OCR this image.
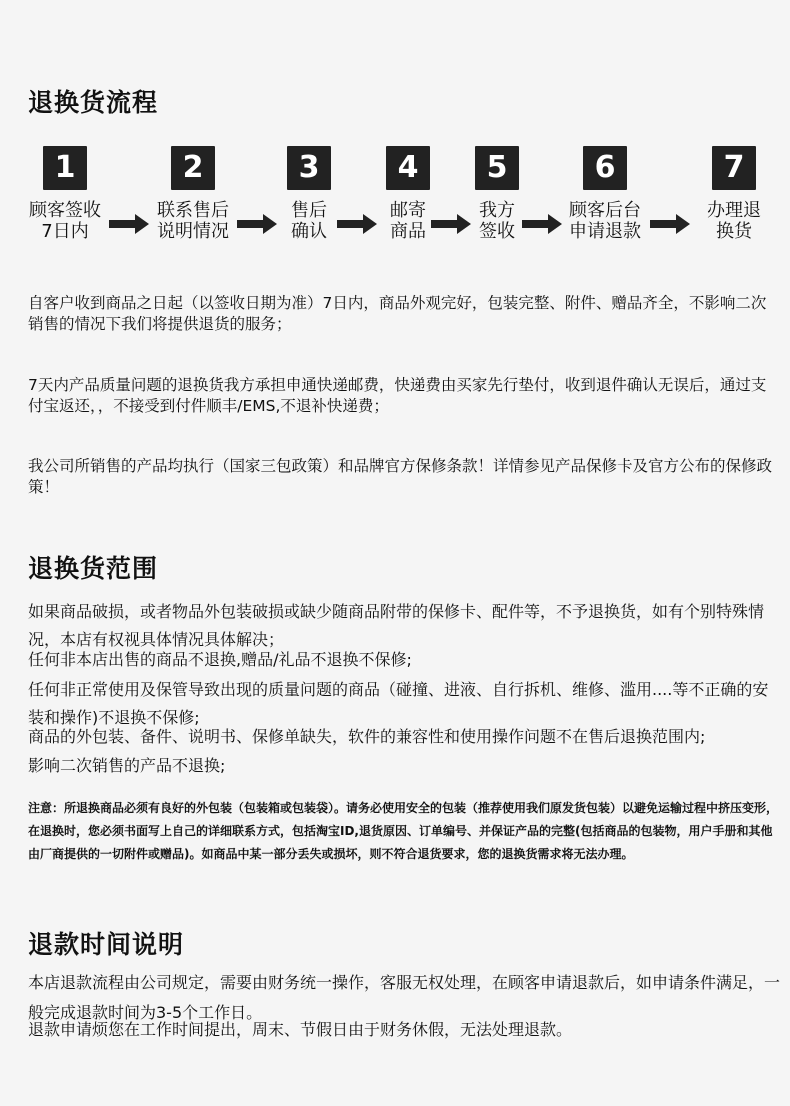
退换货流程
1
顾客签收
7日内
2
联系售后
说明情况
3
售后
确认
4
邮寄
商品
5
我方
签收
6
顾客后台
申请退款
7
办理退
换货

自客户收到商品之日起（以签收日期为准）7日内，商品外观完好，包装完整、附件、赠品齐全，不影响二次销售的情况下我们将提供退货的服务；

7天内产品质量问题的退换货我方承担申通快递邮费，快递费由买家先行垫付，收到退件确认无误后，通过支付宝返还，，不接受到付件顺丰/EMS,不退补快递费；

我公司所销售的产品均执行（国家三包政策）和品牌官方保修条款！详情参见产品保修卡及官方公布的保修政策！

退换货范围

如果商品破损，或者物品外包装破损或缺少随商品附带的保修卡、配件等，不予退换货，如有个别特殊情况，本店有权视具体情况具体解决；

任何非本店出售的商品不退换,赠品/礼品不退换不保修;

任何非正常使用及保管导致出现的质量问题的商品（碰撞、进液、自行拆机、维修、滥用....等不正确的安装和操作)不退换不保修;

商品的外包装、备件、说明书、保修单缺失，软件的兼容性和使用操作问题不在售后退换范围内;

影响二次销售的产品不退换;

注意：所退换商品必须有良好的外包装（包装箱或包装袋）。请务必使用安全的包装（推荐使用我们原发货包装）以避免运输过程中挤压变形，在退换时，您必须书面写上自己的详细联系方式，包括淘宝ID,退货原因、订单编号、并保证产品的完整(包括商品的包装物，用户手册和其他由厂商提供的一切附件或赠品)。如商品中某一部分丢失或损坏，则不符合退货要求，您的退换货需求将无法办理。

退款时间说明

本店退款流程由公司规定，需要由财务统一操作，客服无权处理，在顾客申请退款后，如申请条件满足，一般完成退款时间为3-5个工作日。

退款申请烦您在工作时间提出，周末、节假日由于财务休假，无法处理退款。
